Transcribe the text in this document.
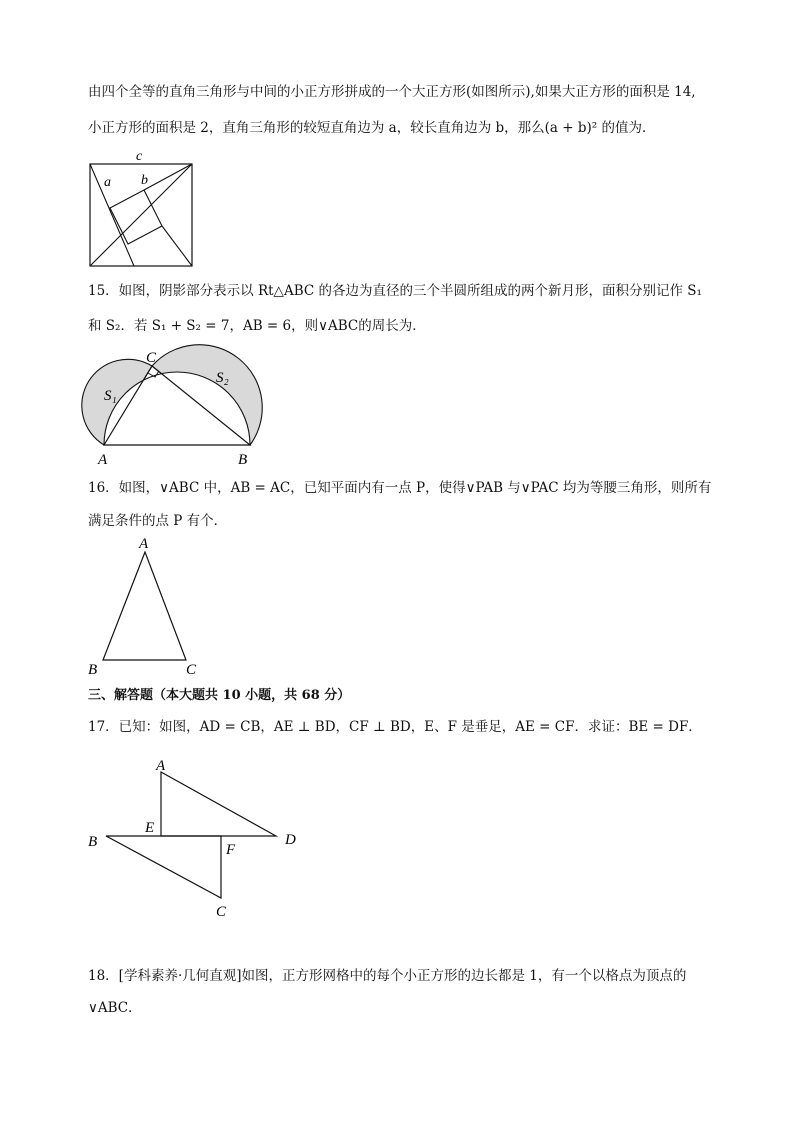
由四个全等的直角三角形与中间的小正方形拼成的一个大正方形(如图所示),如果大正方形的面积是 14,
小正方形的面积是 2，直角三角形的较短直角边为 a，较长直角边为 b，那么(a + b)² 的值为．
c
a b
15．如图，阴影部分表示以 Rt△ABC 的各边为直径的三个半圆所组成的两个新月形，面积分别记作 S₁
和 S₂．若 S₁ + S₂ = 7，AB = 6，则∨ABC的周长为．
C
A	B
S₁
S₂
16．如图，∨ABC 中，AB = AC，已知平面内有一点 P，使得∨PAB 与∨PAC 均为等腰三角形，则所有
满足条件的点 P 有个．
A
B	C
三、解答题（本大题共 10 小题，共 68 分）
17．已知：如图，AD = CB，AE ⊥ BD，CF ⊥ BD，E、F 是垂足，AE = CF．求证：BE = DF．
A
B
E
D
F
C
18．[学科素养·几何直观]如图，正方形网格中的每个小正方形的边长都是 1，有一个以格点为顶点的
∨ABC．
